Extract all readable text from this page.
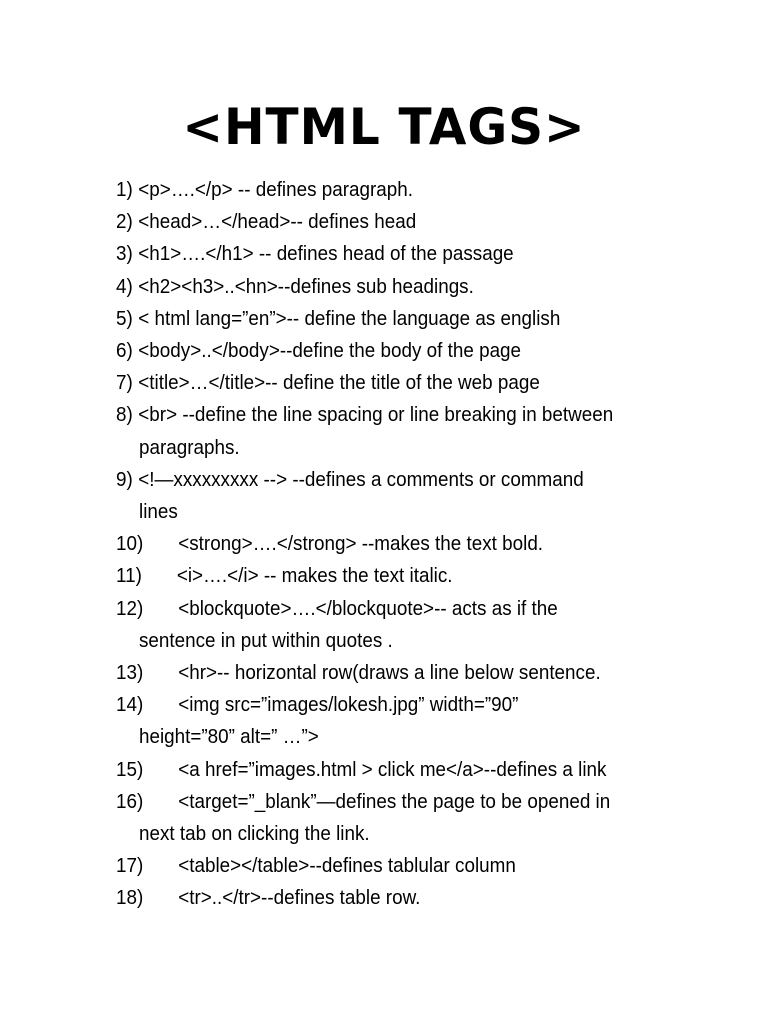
<HTML TAGS>
1) <p>….</p> -- defines paragraph.
2) <head>…</head>-- defines head
3) <h1>….</h1> -- defines head of the passage
4) <h2><h3>..<hn>--defines sub headings.
5) < html lang=”en”>-- define the language as english
6) <body>..</body>--define the body of the page
7) <title>…</title>-- define the title of the web page
8) <br> --define the line spacing or line breaking in between
paragraphs.
9) <!—xxxxxxxxx --> --defines a comments or command
lines
10) <strong>….</strong> --makes the text bold.
11) <i>….</i> -- makes the text italic.
12) <blockquote>….</blockquote>-- acts as if the
sentence in put within quotes .
13) <hr>-- horizontal row(draws a line below sentence.
14) <img src=”images/lokesh.jpg” width=”90”
height=”80” alt=” …”>
15) <a href=”images.html > click me</a>--defines a link
16) <target=”_blank”—defines the page to be opened in
next tab on clicking the link.
17) <table></table>--defines tablular column
18) <tr>..</tr>--defines table row.
